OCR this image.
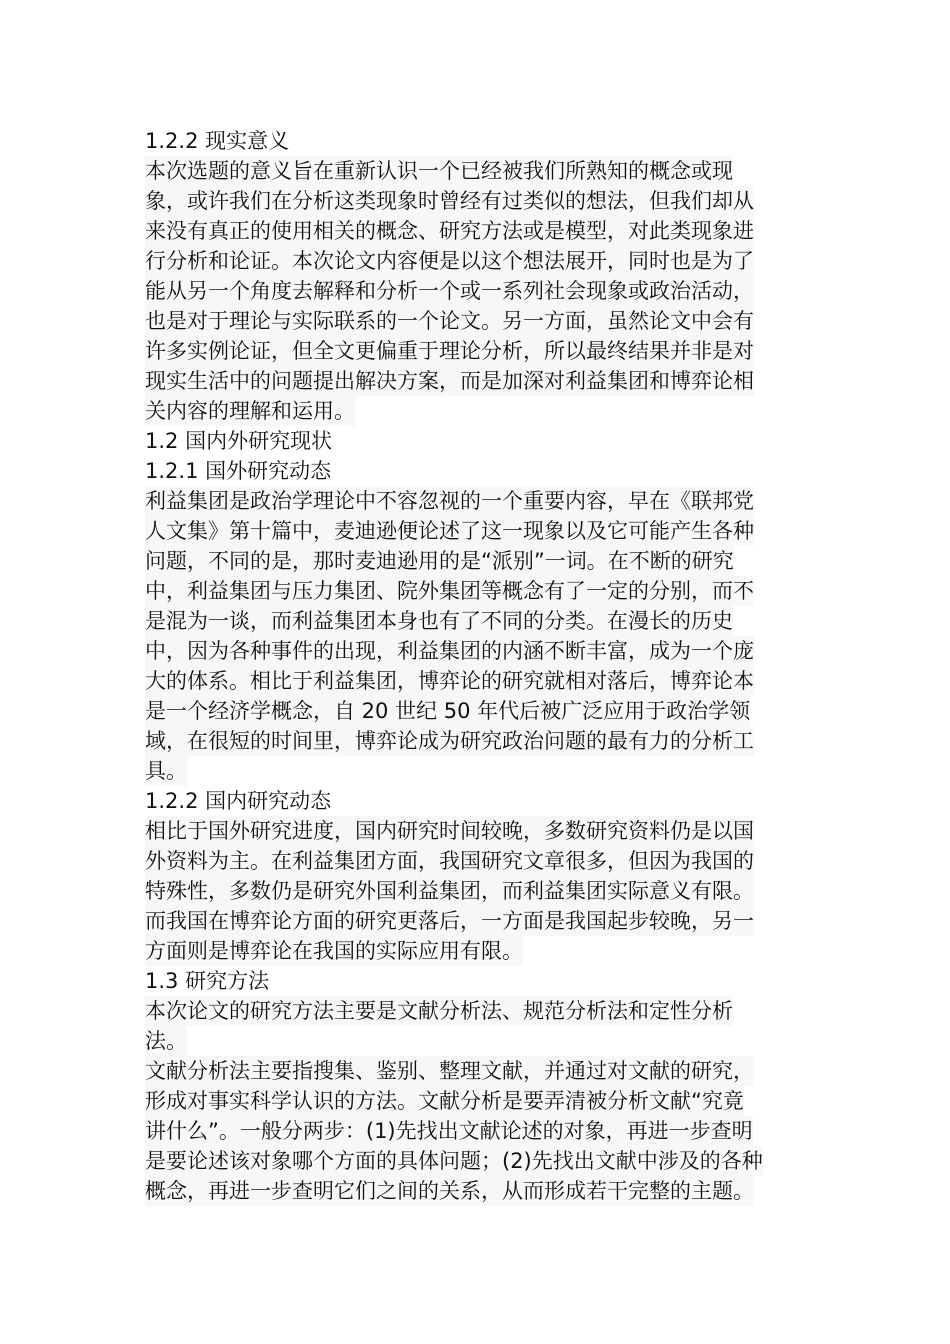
1.2.2 现实意义
本次选题的意义旨在重新认识一个已经被我们所熟知的概念或现
象，或许我们在分析这类现象时曾经有过类似的想法，但我们却从
来没有真正的使用相关的概念、研究方法或是模型，对此类现象进
行分析和论证。本次论文内容便是以这个想法展开，同时也是为了
能从另一个角度去解释和分析一个或一系列社会现象或政治活动，
也是对于理论与实际联系的一个论文。另一方面，虽然论文中会有
许多实例论证，但全文更偏重于理论分析，所以最终结果并非是对
现实生活中的问题提出解决方案，而是加深对利益集团和博弈论相
关内容的理解和运用。
1.2 国内外研究现状
1.2.1 国外研究动态
利益集团是政治学理论中不容忽视的一个重要内容，早在《联邦党
人文集》第十篇中，麦迪逊便论述了这一现象以及它可能产生各种
问题，不同的是，那时麦迪逊用的是“派别”一词。在不断的研究
中，利益集团与压力集团、院外集团等概念有了一定的分别，而不
是混为一谈，而利益集团本身也有了不同的分类。在漫长的历史
中，因为各种事件的出现，利益集团的内涵不断丰富，成为一个庞
大的体系。相比于利益集团，博弈论的研究就相对落后，博弈论本
是一个经济学概念，自 20 世纪 50 年代后被广泛应用于政治学领
域，在很短的时间里，博弈论成为研究政治问题的最有力的分析工
具。
1.2.2 国内研究动态
相比于国外研究进度，国内研究时间较晚，多数研究资料仍是以国
外资料为主。在利益集团方面，我国研究文章很多，但因为我国的
特殊性，多数仍是研究外国利益集团，而利益集团实际意义有限。
而我国在博弈论方面的研究更落后，一方面是我国起步较晚，另一
方面则是博弈论在我国的实际应用有限。
1.3 研究方法
本次论文的研究方法主要是文献分析法、规范分析法和定性分析
法。
文献分析法主要指搜集、鉴别、整理文献，并通过对文献的研究，
形成对事实科学认识的方法。文献分析是要弄清被分析文献“究竟
讲什么”。一般分两步：(1)先找出文献论述的对象，再进一步查明
是要论述该对象哪个方面的具体问题；(2)先找出文献中涉及的各种
概念，再进一步查明它们之间的关系，从而形成若干完整的主题。
